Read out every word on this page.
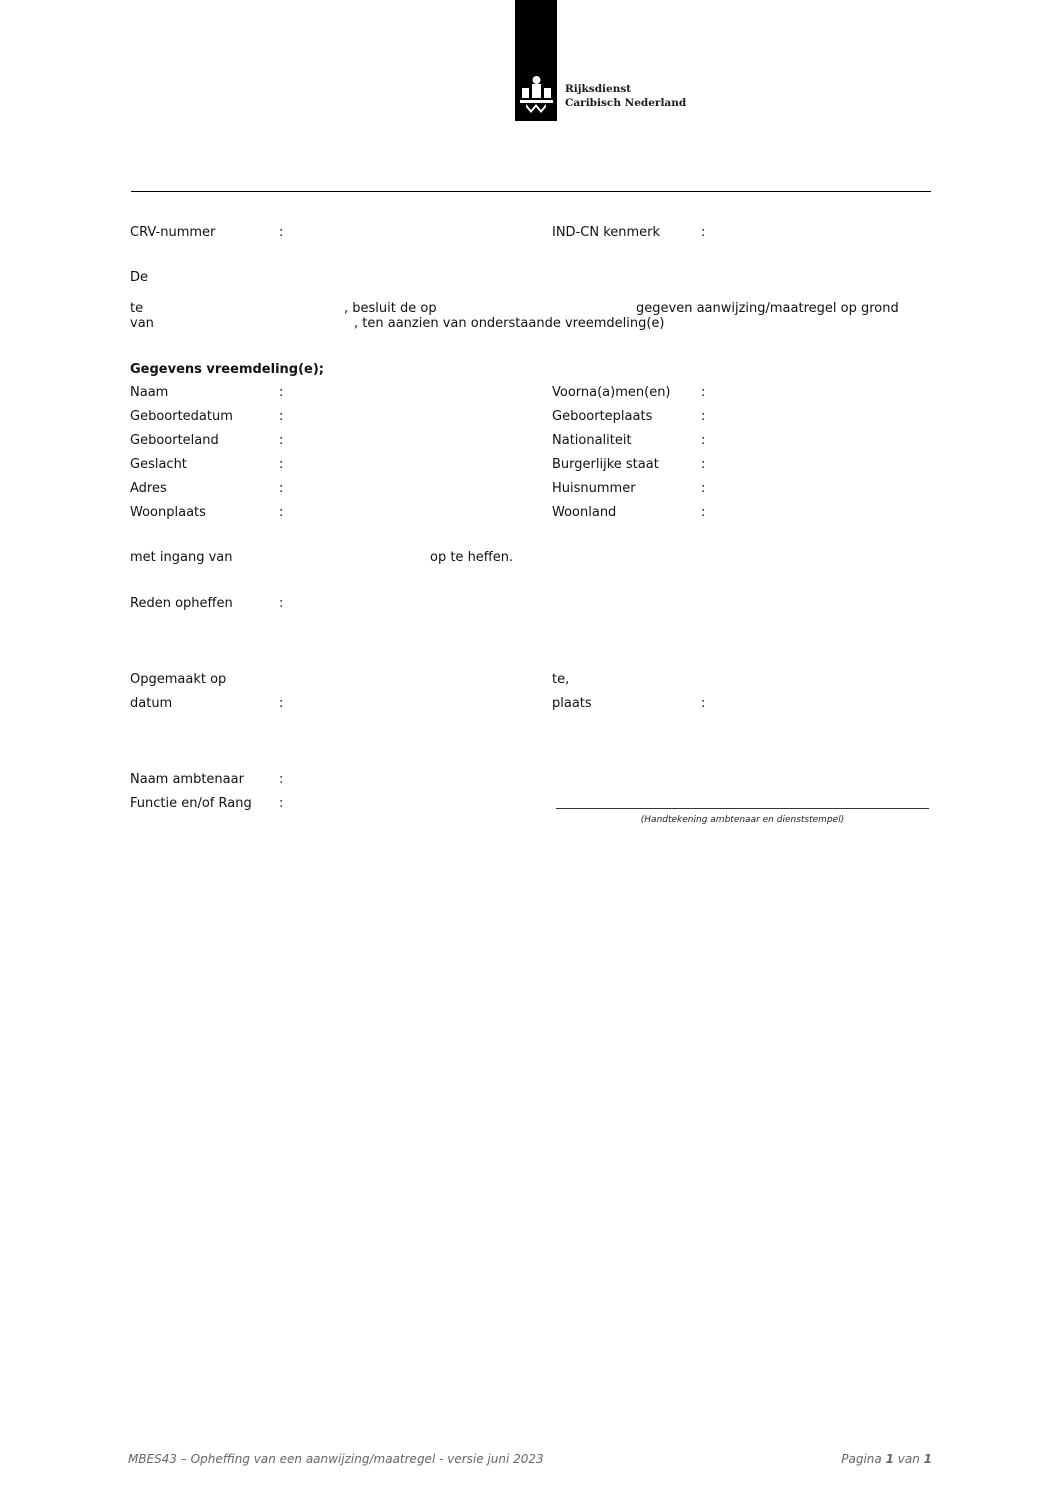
Rijksdienst
Caribisch Nederland
CRV-nummer	:	IND-CN kenmerk	:
De
te	, besluit de op	gegeven aanwijzing/maatregel op grond
van	, ten aanzien van onderstaande vreemdeling(e)
Gegevens vreemdeling(e);
Naam	:	Voorna(a)men(en) :
Geboortedatum	:	Geboorteplaats	:
Geboorteland	:	Nationaliteit	:
Geslacht	:	Burgerlijke staat	:
Adres	:	Huisnummer	:
Woonplaats	:	Woonland	:
met ingang van	op te heffen.
Reden opheffen	:
Opgemaakt op	te,
datum	:	plaats	:
Naam ambtenaar	:
Functie en/of Rang :
(Handtekening ambtenaar en dienststempel)
MBES43 – Opheffing van een aanwijzing/maatregel - versie juni 2023	Pagina 1 van 1
